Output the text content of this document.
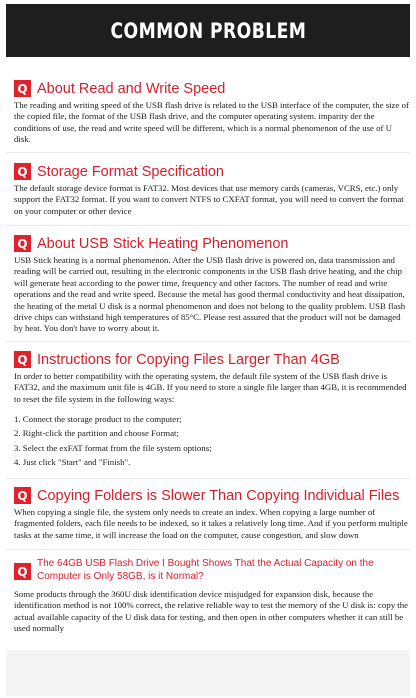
COMMON PROBLEM
Q About Read and Write Speed

The reading and writing speed of the USB flash drive is related to the USB interface of the computer, the size of the copied file, the format of the USB flash drive, and the computer operating system. imparity der the conditions of use, the read and write speed will be different, which is a normal phenomenon of the use of U disk.

Q Storage Format Specification

The default storage device format is FAT32. Most devices that use memory cards (cameras, VCRS, etc.) only support the FAT32 format. If you want to convert NTFS to CXFAT format, you will need to convert the format on your computer or other device

Q About USB Stick Heating Phenomenon

USB Stick heating is a normal phenomenon. After the USB flash drive is powered on, data transmission and reading will be carried out, resulting in the electronic components in the USB flash drive heating, and the chip will generate heat according to the power time, frequency and other factors. The number of read and write operations and the read and write speed. Because the metal has good thermal conductivity and heat dissipation, the heating of the metal U disk is a normal phenomenon and does not belong to the quality problem. USB flash drive chips can withstand high temperatures of 85°C. Please rest assured that the product will not be damaged by heat. You don't have to worry about it.

Q Instructions for Copying Files Larger Than 4GB

In order to better compatibility with the operating system, the default file system of the USB flash drive is FAT32, and the maximum unit file is 4GB. If you need to store a single file larger than 4GB, it is recommended to reset the file system in the following ways:

1. Connect the storage product to the computer;
2. Right-click the partition and choose Format;
3. Select the exFAT format from the file system options;
4. Just click "Start" and "Finish".
Q Copying Folders is Slower Than Copying Individual Files

When copying a single file, the system only needs to create an index. When copying a large number of fragmented folders, each file needs to be indexed, so it takes a relatively long time. And if you perform multiple tasks at the same time, it will increase the load on the computer, cause congestion, and slow down

Q
The 64GB USB Flash Drive I Bought Shows That the Actual Capacity on the Computer is Only 58GB, is it Normal?

Some products through the 360U disk identification device misjudged for expansion disk, because the identification method is not 100% correct, the relative reliable way to test the memory of the U disk is: copy the actual available capacity of the U disk data for testing, and then open in other computers whether it can still be used normally
